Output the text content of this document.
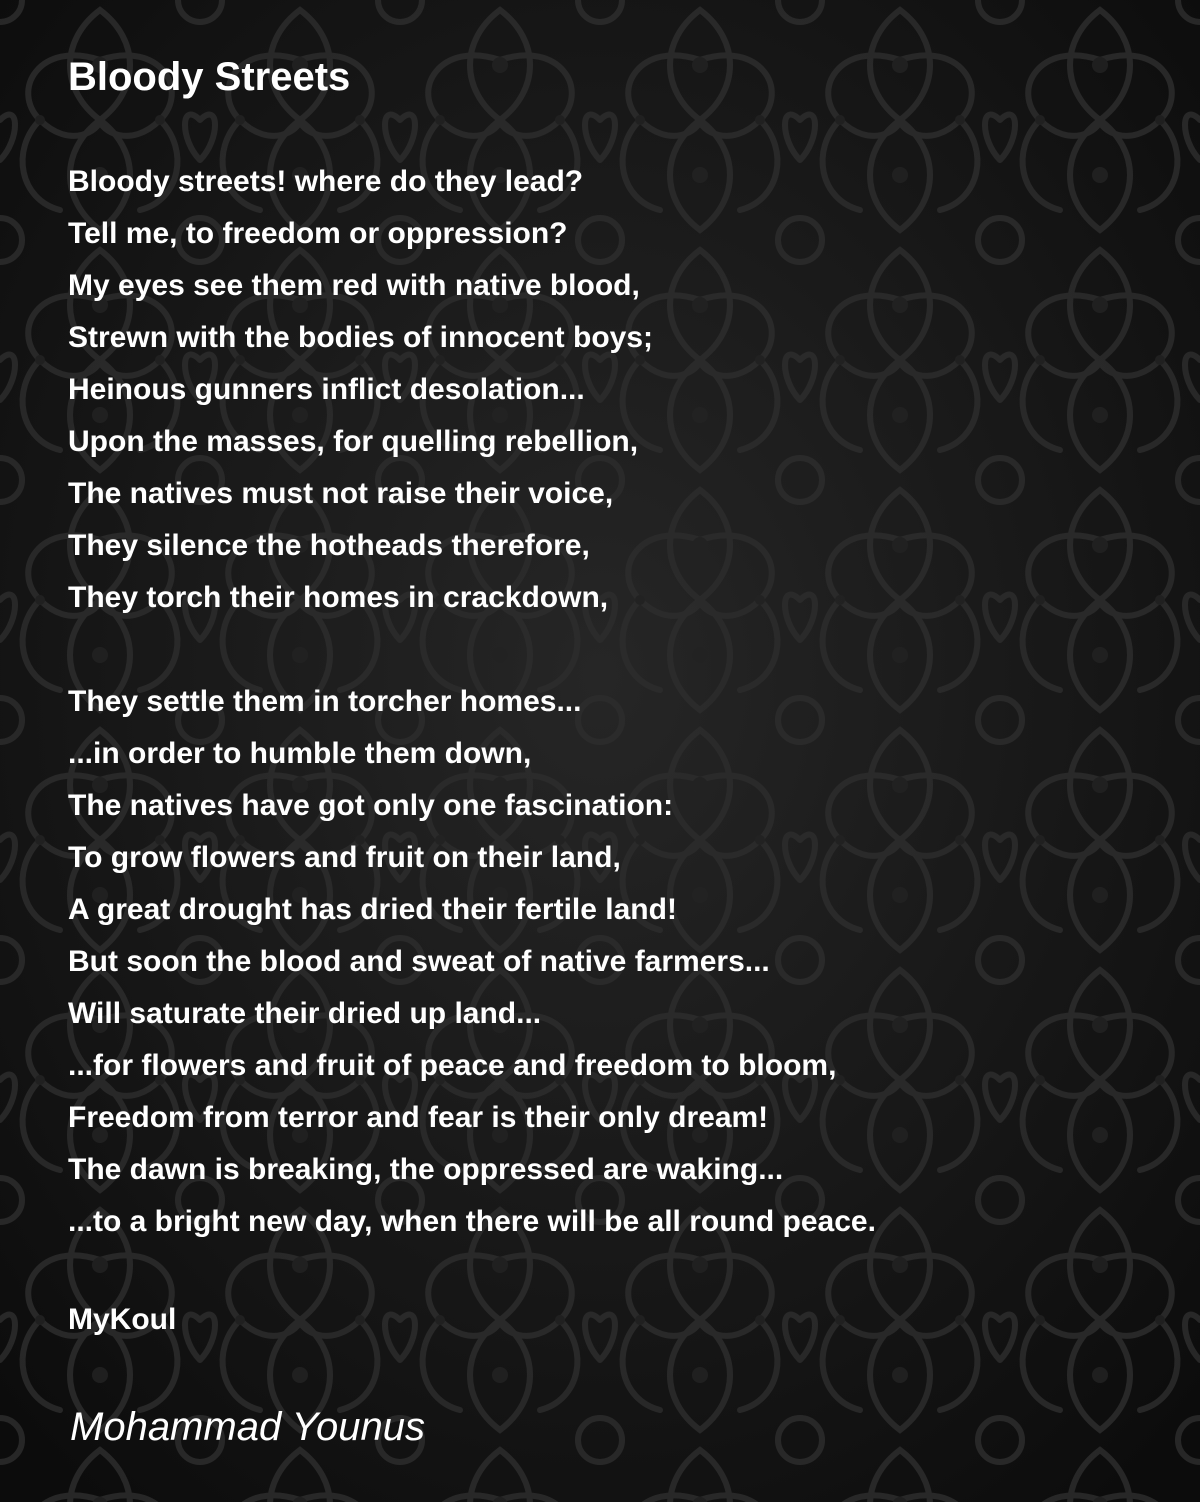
Bloody Streets
Bloody streets! where do they lead?
Tell me, to freedom or oppression?
My eyes see them red with native blood,
Strewn with the bodies of innocent boys;
Heinous gunners inflict desolation...
Upon the masses, for quelling rebellion,
The natives must not raise their voice,
They silence the hotheads therefore,
They torch their homes in crackdown,
They settle them in torcher homes...
...in order to humble them down,
The natives have got only one fascination:
To grow flowers and fruit on their land,
A great drought has dried their fertile land!
But soon the blood and sweat of native farmers...
Will saturate their dried up land...
...for flowers and fruit of peace and freedom to bloom,
Freedom from terror and fear is their only dream!
The dawn is breaking, the oppressed are waking...
...to a bright new day, when there will be all round peace.
MyKoul
Mohammad Younus
